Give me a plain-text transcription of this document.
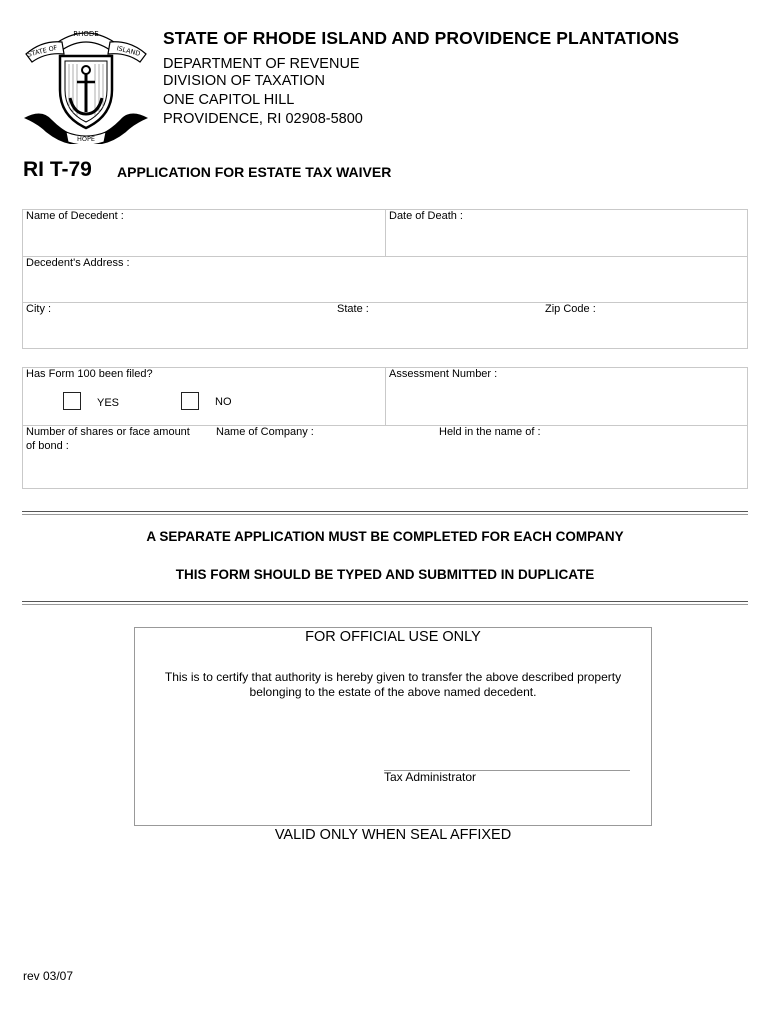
RHODE
STATE OF	ISLAND
HOPE
STATE OF RHODE ISLAND AND PROVIDENCE PLANTATIONS
DEPARTMENT OF REVENUE
DIVISION OF TAXATION
ONE CAPITOL HILL
PROVIDENCE, RI 02908-5800
RI T-79 APPLICATION FOR ESTATE TAX WAIVER
Name of Decedent :	Date of Death :
Decedent's Address :
City :	State :	Zip Code :
Has Form 100 been filed?
YES	NO
Assessment Number :
Number of shares or face amount of bond :
Name of Company :	Held in the name of :
A SEPARATE APPLICATION MUST BE COMPLETED FOR EACH COMPANY
THIS FORM SHOULD BE TYPED AND SUBMITTED IN DUPLICATE
FOR OFFICIAL USE ONLY
This is to certify that authority is hereby given to transfer the above described property
belonging to the estate of the above named decedent.
Tax Administrator
VALID ONLY WHEN SEAL AFFIXED
rev 03/07
